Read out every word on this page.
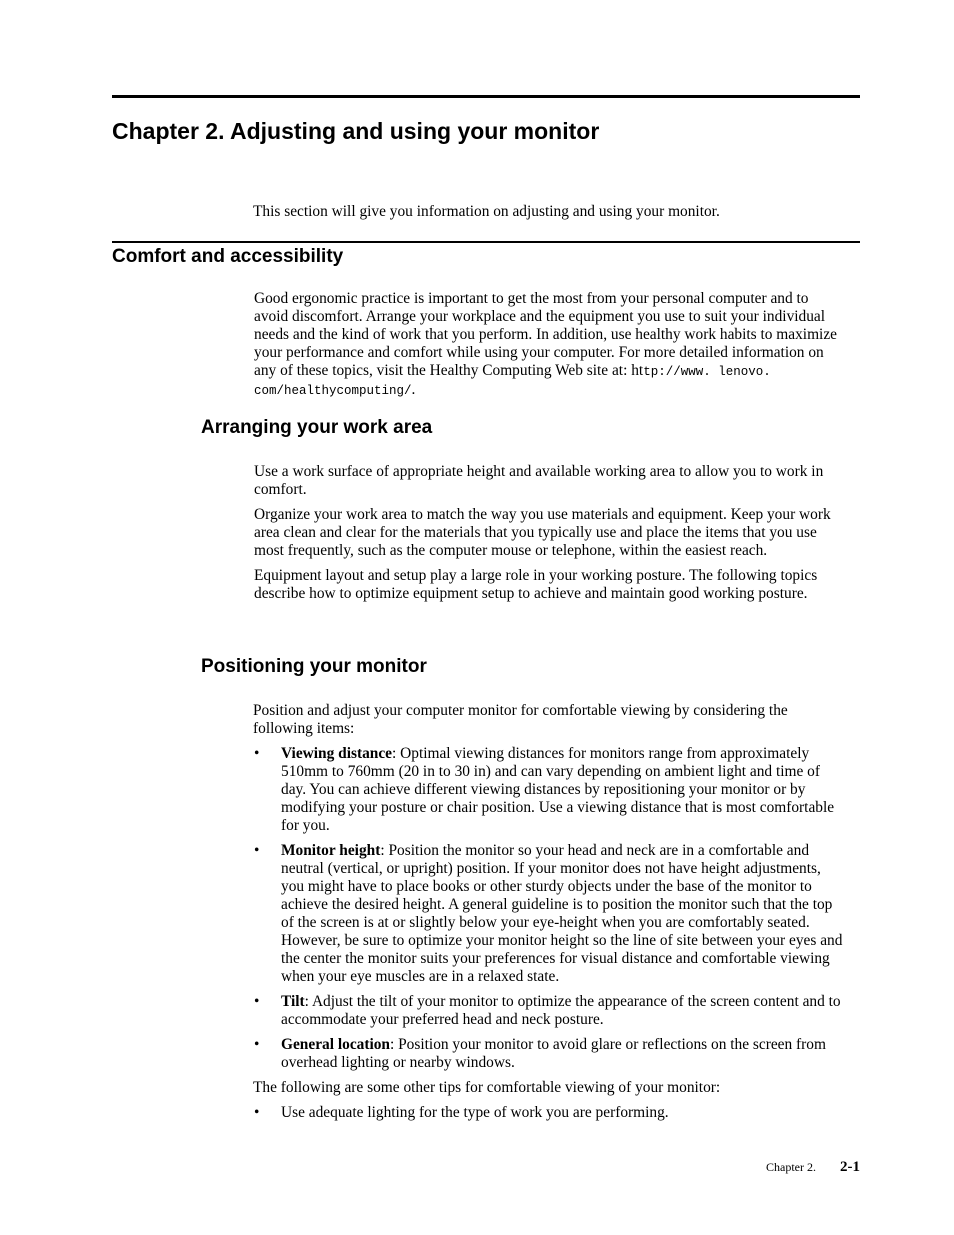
Chapter 2. Adjusting and using your monitor

This section will give you information on adjusting and using your monitor.

Comfort and accessibility

Good ergonomic practice is important to get the most from your personal computer and to avoid discomfort. Arrange your workplace and the equipment you use to suit your individual needs and the kind of work that you perform. In addition, use healthy work habits to maximize your performance and comfort while using your computer. For more detailed information on any of these topics, visit the Healthy Computing Web site at: http://www. lenovo. com/healthycomputing/.

Arranging your work area

Use a work surface of appropriate height and available working area to allow you to work in comfort.

Organize your work area to match the way you use materials and equipment. Keep your work area clean and clear for the materials that you typically use and place the items that you use most frequently, such as the computer mouse or telephone, within the easiest reach.

Equipment layout and setup play a large role in your working posture. The following topics describe how to optimize equipment setup to achieve and maintain good working posture.

Positioning your monitor

Position and adjust your computer monitor for comfortable viewing by considering the following items:

• Viewing distance: Optimal viewing distances for monitors range from approximately 510mm to 760mm (20 in to 30 in) and can vary depending on ambient light and time of day. You can achieve different viewing distances by repositioning your monitor or by modifying your posture or chair position. Use a viewing distance that is most comfortable for you.
• Monitor height: Position the monitor so your head and neck are in a comfortable and neutral (vertical, or upright) position. If your monitor does not have height adjustments, you might have to place books or other sturdy objects under the base of the monitor to achieve the desired height. A general guideline is to position the monitor such that the top of the screen is at or slightly below your eye-height when you are comfortably seated. However, be sure to optimize your monitor height so the line of site between your eyes and the center the monitor suits your preferences for visual distance and comfortable viewing when your eye muscles are in a relaxed state.
• Tilt: Adjust the tilt of your monitor to optimize the appearance of the screen content and to accommodate your preferred head and neck posture.
• General location: Position your monitor to avoid glare or reflections on the screen from overhead lighting or nearby windows.

The following are some other tips for comfortable viewing of your monitor:

• Use adequate lighting for the type of work you are performing.
Chapter 2. 2-1
